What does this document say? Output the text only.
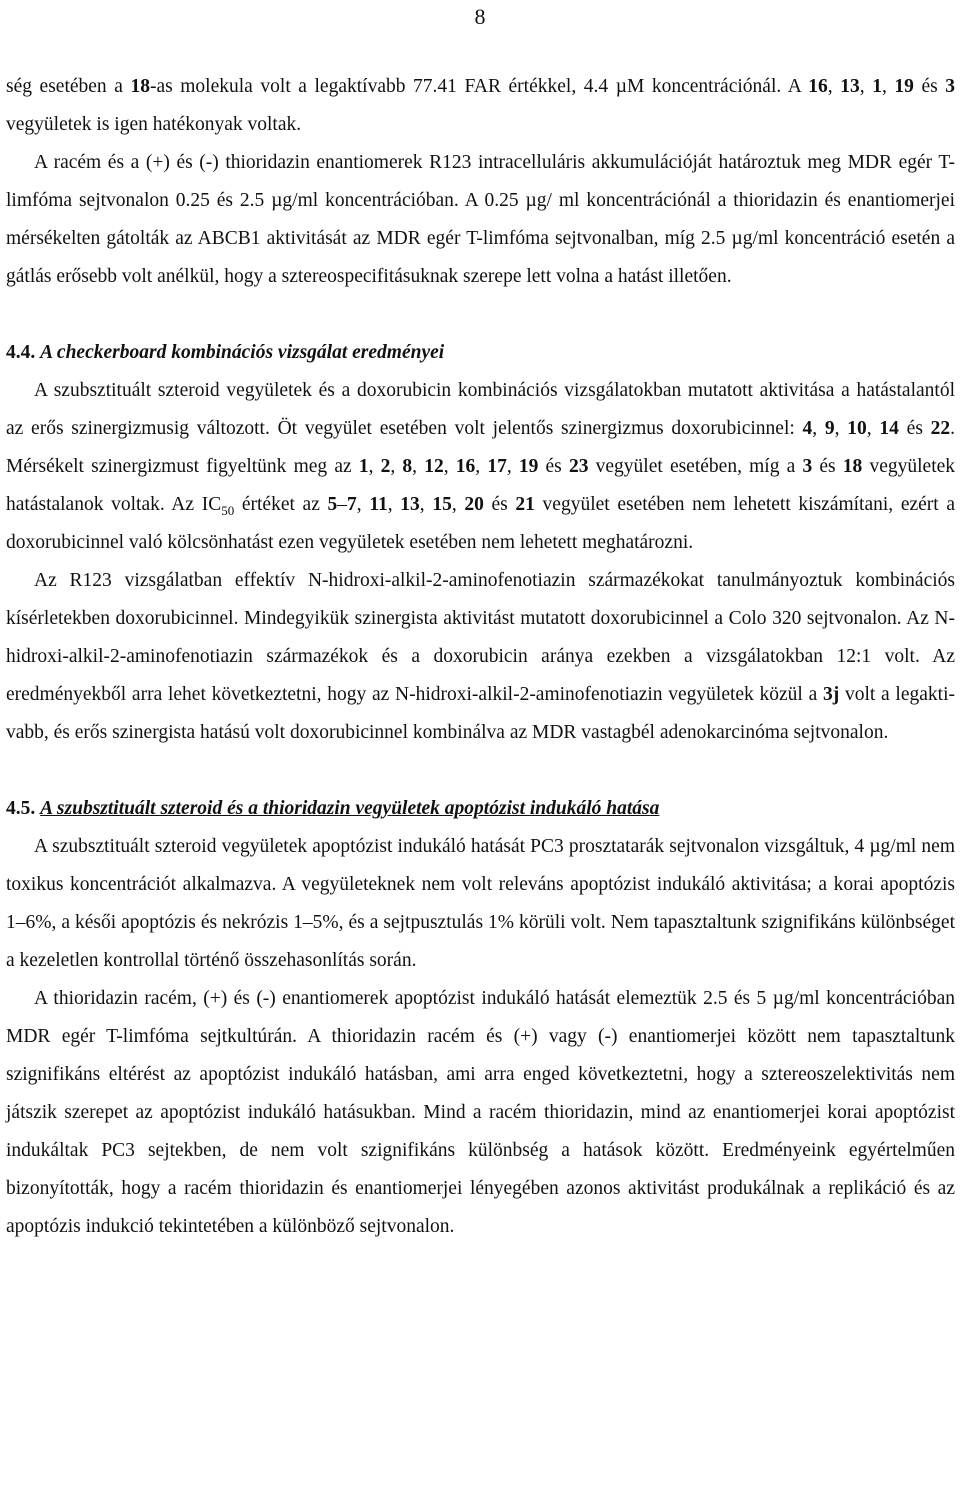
8

ség esetében a 18-as molekula volt a legaktívabb 77.41 FAR értékkel, 4.4 µM koncentrációnál. A 16, 13, 1, 19 és 3 vegyületek is igen hatékonyak voltak.

A racém és a (+) és (-) thioridazin enantiomerek R123 intracelluláris akkumulációját határoztuk meg MDR egér T-limfóma sejtvonalon 0.25 és 2.5 µg/ml koncentrációban. A 0.25 µg/ ml koncentrációnál a thioridazin és enantiomerjei mérsékelten gátolták az ABCB1 aktivitását az MDR egér T-limfóma sejtvonalban, míg 2.5 µg/ml koncentráció esetén a gátlás erősebb volt anélkül, hogy a sztereospecifitásuknak szerepe lett volna a hatást illetően.

4.4. A checkerboard kombinációs vizsgálat eredményei

A szubsztituált szteroid vegyületek és a doxorubicin kombinációs vizsgálatokban mutatott aktivitása a hatástalantól az erős szinergizmusig változott. Öt vegyület esetében volt jelentős szinergizmus doxorubicinnel: 4, 9, 10, 14 és 22. Mérsékelt szinergizmust figyeltünk meg az 1, 2, 8, 12, 16, 17, 19 és 23 vegyület esetében, míg a 3 és 18 vegyületek hatástalanok voltak. Az $IC_{50}$ értéket az 5–7, 11, 13, 15, 20 és 21 vegyület esetében nem lehetett kiszámítani, ezért a doxorubicinnel való kölcsönhatást ezen vegyületek esetében nem lehetett meghatározni.

Az R123 vizsgálatban effektív N-hidroxi-alkil-2-aminofenotiazin származékokat tanulmányoztuk kombinációs kísérletekben doxorubicinnel. Mindegyikük szinergista aktivitást mutatott doxorubicinnel a Colo 320 sejtvonalon. Az N-hidroxi-alkil-2-aminofenotiazin származékok és a doxorubicin aránya ezekben a vizsgálatokban 12:1 volt. Az eredményekből arra lehet következtetni, hogy az N-hidroxi-alkil-2-aminofenotiazin vegyületek közül a 3j volt a legaktivabb, és erős szinergista hatású volt doxorubicinnel kombinálva az MDR vastagbél adenokarcinóma sejtvonalon.

4.5. A szubsztituált szteroid és a thioridazin vegyületek apoptózist indukáló hatása

A szubsztituált szteroid vegyületek apoptózist indukáló hatását PC3 prosztatarák sejtvonalon vizsgáltuk, 4 µg/ml nem toxikus koncentrációt alkalmazva. A vegyületeknek nem volt releváns apoptózist indukáló aktivitása; a korai apoptózis 1–6%, a késői apoptózis és nekrózis 1–5%, és a sejtpusztulás 1% körüli volt. Nem tapasztaltunk szignifikáns különbséget a kezeletlen kontrollal történő összehasonlítás során.

A thioridazin racém, (+) és (-) enantiomerek apoptózist indukáló hatását elemeztük 2.5 és 5 µg/ml koncentrációban MDR egér T-limfóma sejtkultúrán. A thioridazin racém és (+) vagy (-) enantiomerjei között nem tapasztaltunk szignifikáns eltérést az apoptózist indukáló hatásban, ami arra enged következtetni, hogy a sztereoszelektivitás nem játszik szerepet az apoptózist indukáló hatásukban. Mind a racém thioridazin, mind az enantiomerjei korai apoptózist indukáltak PC3 sejtekben, de nem volt szignifikáns különbség a hatások között. Eredményeink egyértelműen bizonyították, hogy a racém thioridazin és enantiomerjei lényegében azonos aktivitást produkálnak a replikáció és az apoptózis indukció tekintetében a különböző sejtvonalon.
